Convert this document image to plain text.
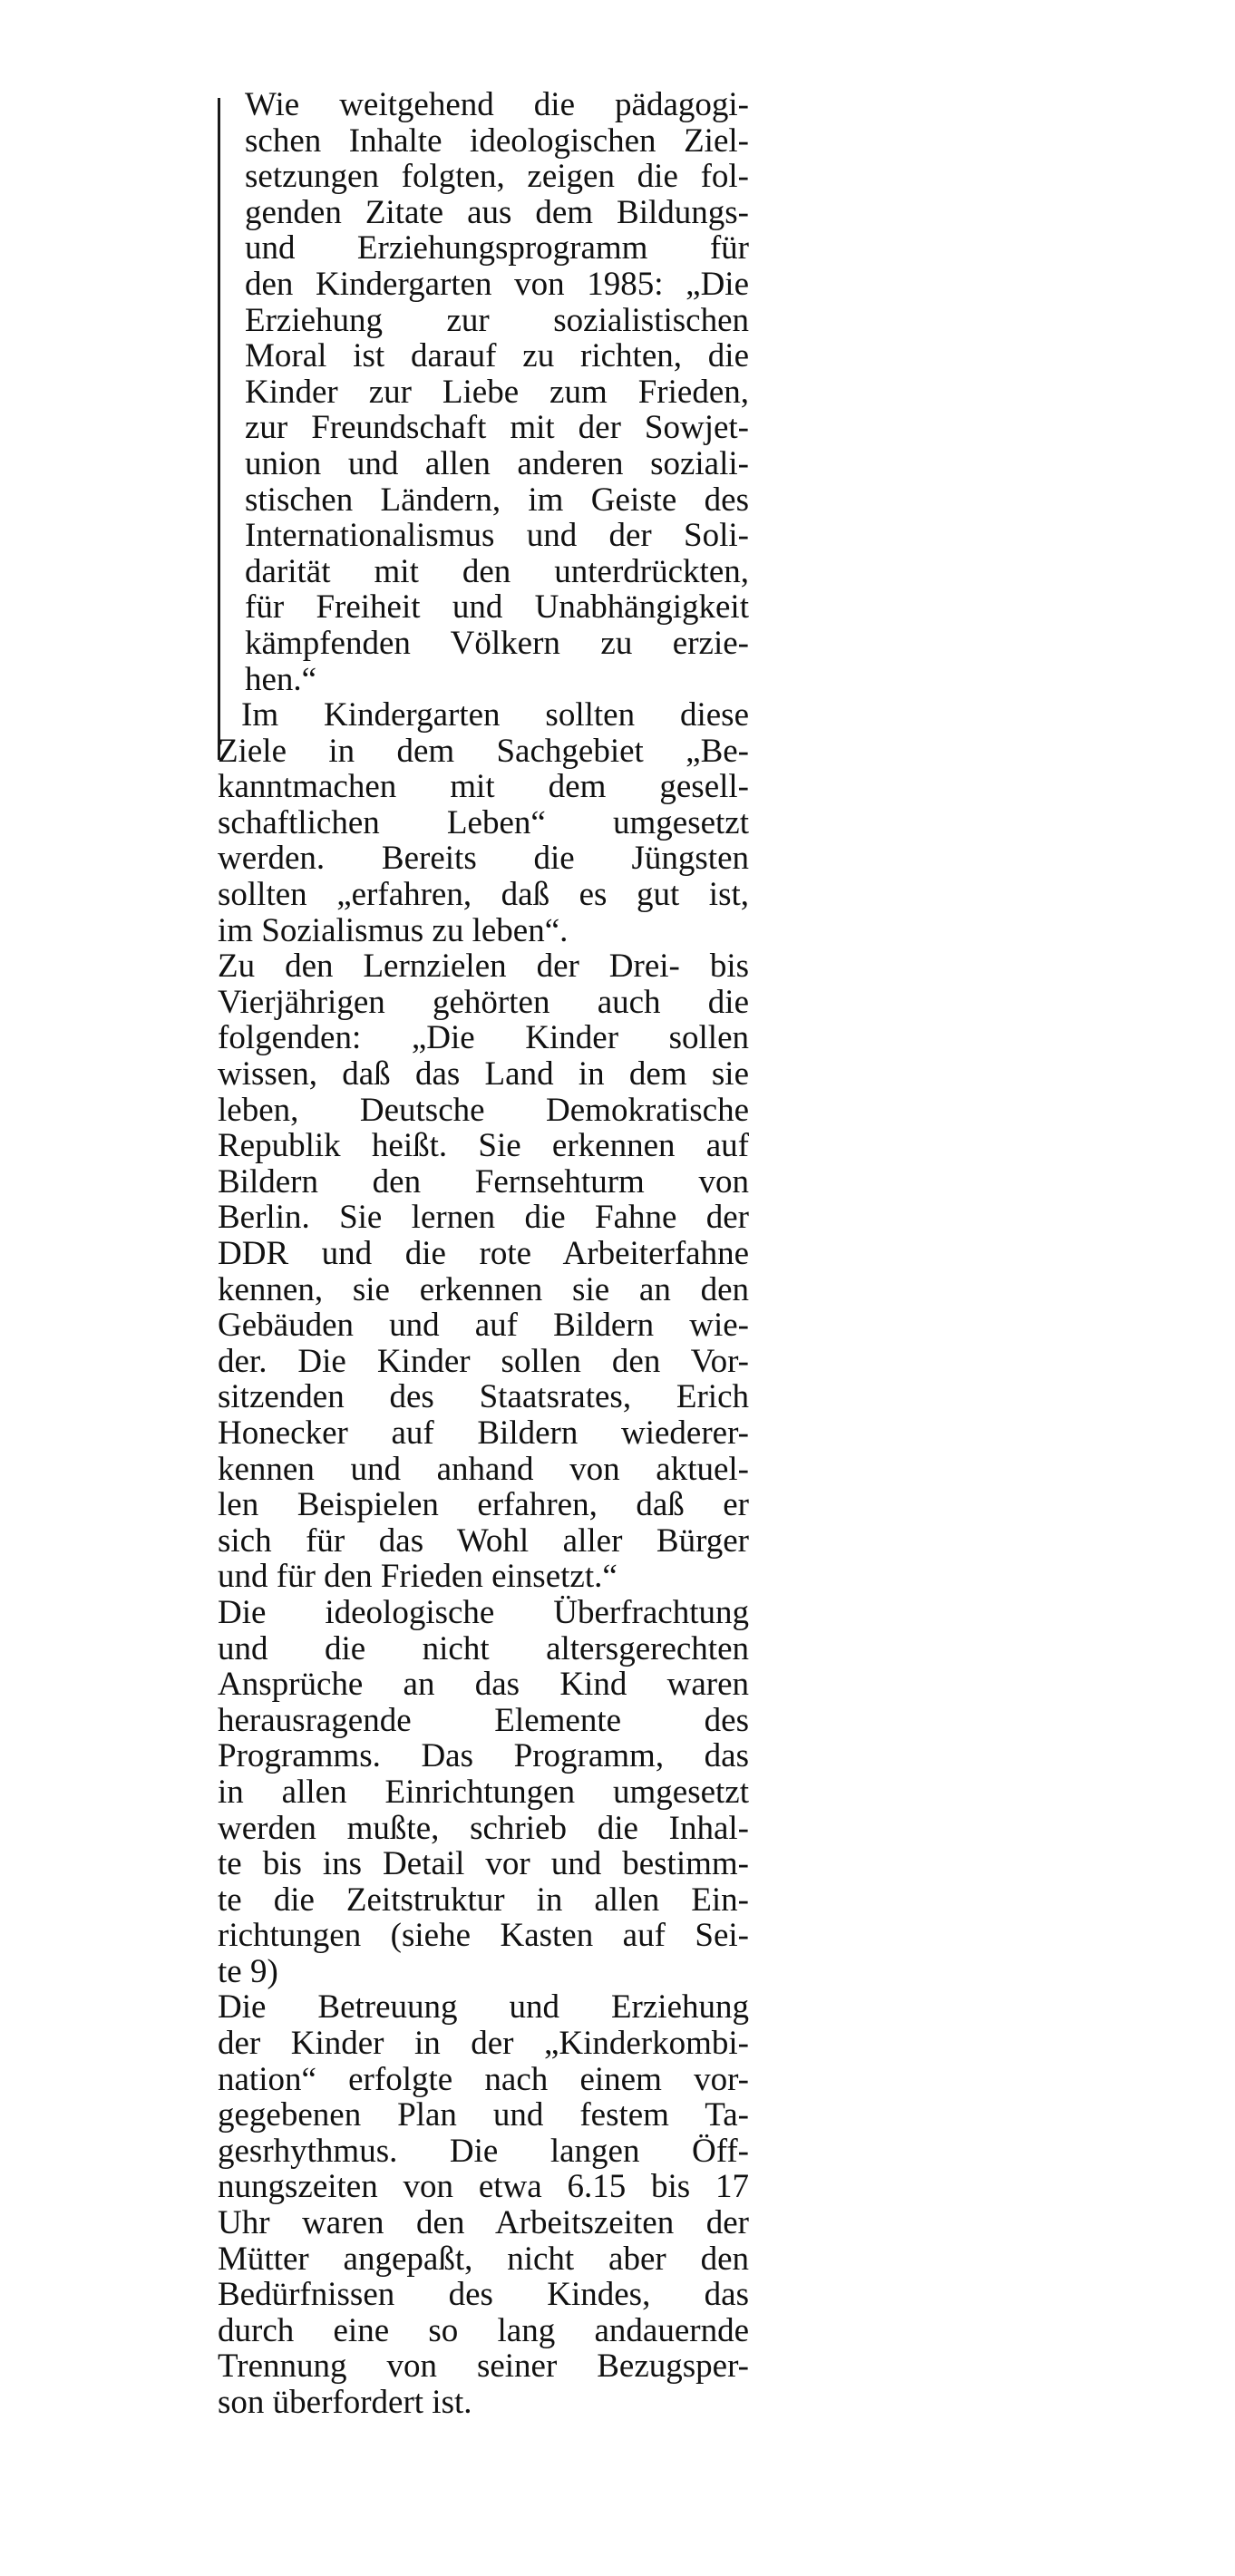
Wie weitgehend die pädagogi-
schen Inhalte ideologischen Ziel-
setzungen folgten, zeigen die fol-
genden Zitate aus dem Bildungs-
und Erziehungsprogramm für
den Kindergarten von 1985: „Die
Erziehung zur sozialistischen
Moral ist darauf zu richten, die
Kinder zur Liebe zum Frieden,
zur Freundschaft mit der Sowjet-
union und allen anderen soziali-
stischen Ländern, im Geiste des
Internationalismus und der Soli-
darität mit den unterdrückten,
für Freiheit und Unabhängigkeit
kämpfenden Völkern zu erzie-
hen.“

Im Kindergarten sollten diese

Ziele in dem Sachgebiet „Be-
kanntmachen mit dem gesell-
schaftlichen Leben“ umgesetzt
werden. Bereits die Jüngsten
sollten „erfahren, daß es gut ist,
im Sozialismus zu leben“.

Zu den Lernzielen der Drei- bis
Vierjährigen gehörten auch die
folgenden: „Die Kinder sollen
wissen, daß das Land in dem sie
leben, Deutsche Demokratische
Republik heißt. Sie erkennen auf
Bildern den Fernsehturm von
Berlin. Sie lernen die Fahne der
DDR und die rote Arbeiterfahne
kennen, sie erkennen sie an den
Gebäuden und auf Bildern wie-
der. Die Kinder sollen den Vor-
sitzenden des Staatsrates, Erich
Honecker auf Bildern wiederer-
kennen und anhand von aktuel-
len Beispielen erfahren, daß er
sich für das Wohl aller Bürger
und für den Frieden einsetzt.“

Die ideologische Überfrachtung
und die nicht altersgerechten
Ansprüche an das Kind waren
herausragende Elemente des
Programms. Das Programm, das
in allen Einrichtungen umgesetzt
werden mußte, schrieb die Inhal-
te bis ins Detail vor und bestimm-
te die Zeitstruktur in allen Ein-
richtungen (siehe Kasten auf Sei-
te 9)

Die Betreuung und Erziehung
der Kinder in der „Kinderkombi-
nation“ erfolgte nach einem vor-
gegebenen Plan und festem Ta-
gesrhythmus. Die langen Öff-
nungszeiten von etwa 6.15 bis 17
Uhr waren den Arbeitszeiten der
Mütter angepaßt, nicht aber den
Bedürfnissen des Kindes, das
durch eine so lang andauernde
Trennung von seiner Bezugsper-
son überfordert ist.
